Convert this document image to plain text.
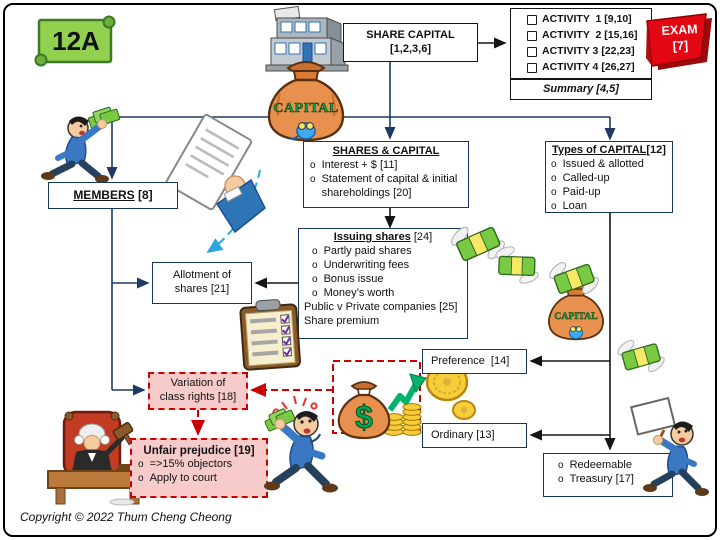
12A
CAPITAL
CAPITAL
$
SHARE CAPITAL
[1,2,3,6]
ACTIVITY  1 [9,10]
ACTIVITY  2 [15,16]
ACTIVITY 3 [22,23]
ACTIVITY 4 [26,27]
Summary [4,5]
EXAM
[7]
MEMBERS [8]
SHARES & CAPITAL
o Interest + $ [11]
o Statement of capital & initial shareholdings [20]
Types of CAPITAL[12]
o Issued & allotted
o Called-up
o Paid-up
o Loan
Issuing shares [24]
o Partly paid shares
o Underwriting fees
o Bonus issue
o Money’s worth
Public v Private companies [25]
Share premium
Allotment of shares [21]
Preference  [14]
Ordinary [13]
Variation of class rights [18]
Unfair prejudice [19]
o =>15% objectors
o Apply to court
o Redeemable
o Treasury [17]
Copyright © 2022 Thum Cheng Cheong
